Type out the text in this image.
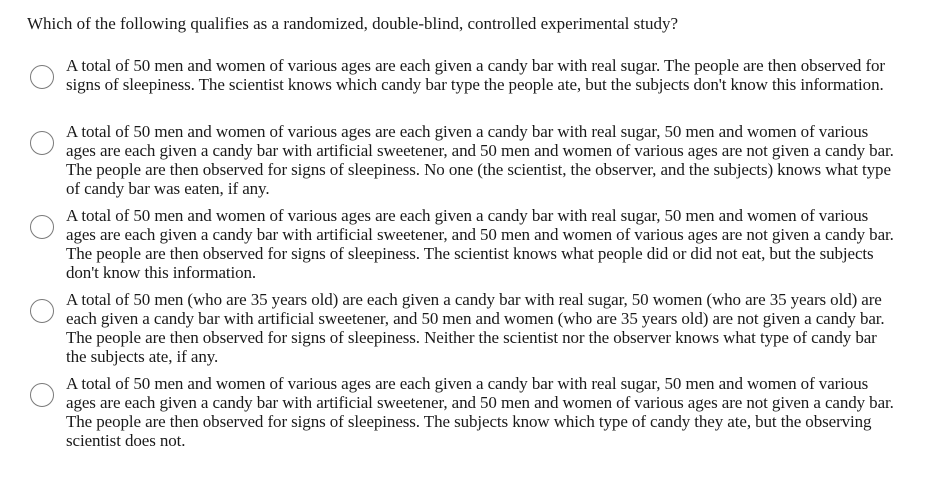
Which of the following qualifies as a randomized, double-blind, controlled experimental study?
A total of 50 men and women of various ages are each given a candy bar with real sugar. The people are then observed for signs of sleepiness. The scientist knows which candy bar type the people ate, but the subjects don't know this information.
A total of 50 men and women of various ages are each given a candy bar with real sugar, 50 men and women of various ages are each given a candy bar with artificial sweetener, and 50 men and women of various ages are not given a candy bar. The people are then observed for signs of sleepiness. No one (the scientist, the observer, and the subjects) knows what type of candy bar was eaten, if any.
A total of 50 men and women of various ages are each given a candy bar with real sugar, 50 men and women of various ages are each given a candy bar with artificial sweetener, and 50 men and women of various ages are not given a candy bar. The people are then observed for signs of sleepiness. The scientist knows what people did or did not eat, but the subjects don't know this information.
A total of 50 men (who are 35 years old) are each given a candy bar with real sugar, 50 women (who are 35 years old) are each given a candy bar with artificial sweetener, and 50 men and women (who are 35 years old) are not given a candy bar. The people are then observed for signs of sleepiness. Neither the scientist nor the observer knows what type of candy bar the subjects ate, if any.
A total of 50 men and women of various ages are each given a candy bar with real sugar, 50 men and women of various ages are each given a candy bar with artificial sweetener, and 50 men and women of various ages are not given a candy bar. The people are then observed for signs of sleepiness. The subjects know which type of candy they ate, but the observing scientist does not.
